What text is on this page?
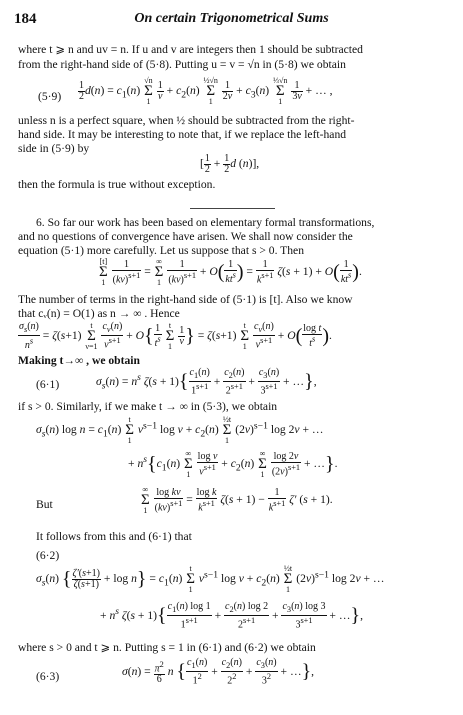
184	On certain Trigonometrical Sums
where t ⩾ n and uv = n. If u and v are integers then 1 should be subtracted
from the right-hand side of (5·8). Putting u = v = √n in (5·8) we obtain
$(5\cdot 9) \frac{1}{2} d(n) = c_1(n)$ √n
Σ
$1 \frac{1}{\nu} + c_2(n)$ ½√n
Σ
$1 \frac{1}{2\nu} + c_3(n)$ ⅓√n
Σ
$1 \frac{1}{3\nu}$ + … ,
unless n is a perfect square, when ½ should be subtracted from the right-
hand side. It may be interesting to note that, if we replace the left-hand
side in (5·9) by
[ $\frac{1}{2} + \frac{1}{2}$ d (n)],
then the formula is true without exception.
6. So far our work has been based on elementary formal transformations,
and no questions of convergence have arisen. We shall now consider the
equation (5·1) more carefully. Let us suppose that s > 0. Then
[t]
Σ
$1 \frac{1}{(k\nu)^{s+1}}$ = ∞
Σ
$1 \frac{1}{(k\nu)^{s+1}} + O( \frac{1}{kt^s}$ ) = $\frac{1}{k^{s+1}} \zeta(s + 1) + O( \frac{1}{kt^s}$ ).
The number of terms in the right-hand side of (5·1) is [t]. Also we know
that cᵥ(n) = O(1) as n → ∞ . Hence
$\frac{\sigma_s(n)}{n^s} = \zeta(s+1)$ t
Σ
$\nu=1 \frac{c_\nu(n)}{\nu^{s+1}} + O\{ \frac{1}{t^s}$ t
Σ
$1 \frac{1}{\nu}$ } = ζ(s+1) t
Σ
$1 \frac{c_\nu(n)}{\nu^{s+1}} + O( \frac{\text{log t}}{t^s}$ ).
Making t→∞ , we obtain
(6·1)	$\sigma_s(n) = n^s$ $\zeta(s + 1)\{ \frac{c_1(n)}{1^{s+1}} + \frac{c_2(n)}{2^{s+1}} + \frac{c_3(n)}{3^{s+1}}$ + …},
if s > 0. Similarly, if we make t → ∞ in (5·3), we obtain
$\sigma_s(n)$ $\log n = c_1(n)$ t
Σ
1 $\nu^{s-1}$ $\log \nu + c_2(n)$ ½t
Σ
1 $(2\nu)^{s-1}$ log 2ν + …
+ $n^s\{c_1(n)$ ∞
Σ
$1 \frac{\text{log ν}}{\nu^{s+1}} + c_2(n)$ ∞
Σ
$1 \frac{\log 2\nu}{(2\nu)^{s+1}}$ + …}.
But
∞
Σ
$1 \frac{\text{log kν}}{(k\nu)^{s+1}} = \frac{\text{log k}}{k^{s+1}} \zeta(s + 1) - \frac{1}{k^{s+1}} \zeta'$ (s + 1).
It follows from this and (6·1) that
(6·2)
$\sigma_s(n)$ { $\frac{\zeta'(s+1)}{\zeta(s+1)} + \log n\} = c_1(n)$ t
Σ
1 $\nu^{s-1}$ $\log \nu + c_2(n)$ ½t
Σ
1 $(2\nu)^{s-1}$ log 2ν + …
+ $n^s$ $\zeta(s + 1)\{ \frac{c_1(n) \log 1}{1^{s+1}} + \frac{c_2(n) \log 2}{2^{s+1}} + \frac{c_3(n) \log 3}{3^{s+1}}$ + …},
where s > 0 and t ⩾ n. Putting s = 1 in (6·1) and (6·2) we obtain
(6·3)	$\sigma(n) = \frac{\pi^2}{6}$ n { $\frac{c_1(n)}{1^2} + \frac{c_2(n)}{2^2} + \frac{c_3(n)}{3^2}$ + …},
